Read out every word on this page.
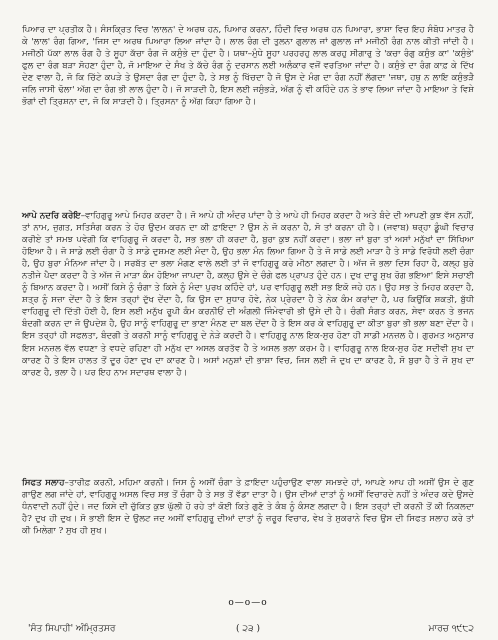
ਪਿਆਰ ਦਾ ਪ੍ਰਤੀਕ ਹੈ। ਸੰਸਕ੍ਰਿਤ ਵਿਚ 'ਲਾਲਨ' ਦੇ ਅਰਥ ਹਨ, ਪਿਆਰ ਕਰਨਾ, ਹਿੰਦੀ ਵਿਚ ਅਰਥ ਹਨ ਪਿਆਰਾ, ਭਾਸ਼ਾ ਵਿਚ ਇਹ ਸੰਬੋਧ ਮਾਤਰ ਹੈ ਕੇ 'ਲਾਲ' ਰੰਗ ਗਿਆ, 'ਜਿਸ ਦਾ ਅਰਥ ਪਿਆਰਾ ਲਿਆ ਜਾਂਦਾ ਹੈ। ਲਾਲ ਰੰਗ ਦੀ ਤੁਲਨਾ ਗੁਲਾਲ ਜਾਂ ਗੁਲਾਲ ਜਾਂ ਮਜੀਠੀ ਰੰਗ ਨਾਲ ਕੀਤੀ ਜਾਂਦੀ ਹੈ। ਮਜੀਠੀ ਪੱਕਾ ਲਾਲ ਰੰਗ ਹੈ ਤੇ ਸੂਹਾ ਕੱਚਾ ਰੰਗ ਜੋ ਕਸੁੰਭੇ ਦਾ ਹੁੰਦਾ ਹੈ। ਯਥਾ–ਮੁੰਧੇ ਸੂਹਾ ਪਰਹਰਹੁ ਲਾਲ ਕਰਹੁ ਸੀਗਾਰੁ ਤੇ 'ਕਚਾ ਰੰਗੁ ਕਸੁੰਭ ਕਾ' 'ਕਸੁੰਭੇ' ਫੁਲ ਦਾ ਰੰਗ ਬੜਾ ਸੋਹਣਾ ਹੁੰਦਾ ਹੈ, ਜੋ ਮਾਇਆ ਦੇ ਸੰਖ ਤੇ ਕੱਚੇ ਰੰਗ ਨੂੰ ਦਰਸਾਨ ਲਈ ਅਲੰਕਾਰ ਵਜੋਂ ਵਰਤਿਆ ਜਾਂਦਾ ਹੈ। ਕਸੁੰਭੇ ਦਾ ਰੰਗ ਕਾਫ਼ ਕੇ ਦਿੱਖ ਦੇਣ ਵਾਲਾ ਹੈ, ਜੋ ਕਿ ਚਿੱਟੇ ਕਪੜੇ ਤੇ ਉਸਦਾ ਰੰਗ ਦਾ ਹੁੰਦਾ ਹੈ, ਤੇ ਸਭ ਨੂੰ ਖਿੱਚਦਾ ਹੈ ਜੋ ਉਸ ਦੇ ਮੰਗ ਦਾ ਰੰਗ ਨਹੀਂ ਲੱਗਦਾ 'ਜਥਾ, ਹਥੁ ਨ ਲਾਇ ਕਸੁੰਭੜੈ ਜਲਿ ਜਾਸੀ ਢੋਲਾ' ਅੱਗ ਦਾ ਰੰਗ ਭੀ ਲਾਲ ਹੁੰਦਾ ਹੈ। ਜੋ ਸਾੜਦੀ ਹੈ, ਇਸ ਲਈ ਜਸੁੰਭੜੇ, ਅੱਗ ਨੂੰ ਵੀ ਕਹਿੰਦੇ ਹਨ ਤੇ ਭਾਵ ਲਿਆ ਜਾਂਦਾ ਹੈ ਮਾਇਆ ਤੇ ਵਿਸ਼ੇ ਭੋਗਾਂ ਦੀ ਤ੍ਰਿਸ਼ਨਾ ਦਾ, ਜੋ ਕਿ ਸਾੜਦੀ ਹੈ। ਤ੍ਰਿਸਨਾ ਨੂੰ ਅੱਗ ਕਿਹਾ ਗਿਆ ਹੈ।

ਆਪੇ ਨਦਰਿ ਕਰੇਇ–ਵਾਹਿਗੁਰੂ ਆਪੇ ਮਿਹਰ ਕਰਦਾ ਹੈ। ਜੋ ਆਪੇ ਹੀ ਅੰਦਰ ਪਾਂਦਾ ਹੈ ਤੇ ਆਪੇ ਹੀ ਮਿਹਰ ਕਰਦਾ ਹੈ ਅਤੇ ਬੰਦੇ ਦੀ ਆਪਣੀ ਕੁਝ ਵੱਸ ਨਹੀਂ, ਤਾਂ ਨਾਮ, ਜੁਗਤ, ਸਤਿਸੰਗ ਕਰਨ ਤੇ ਹੋਰ ਉਦਮ ਕਰਨ ਦਾ ਕੀ ਫ਼ਾਇਦਾ ? ਉਸ ਨੇ ਜੋ ਕਰਨਾ ਹੈ, ਸੋ ਤਾਂ ਕਰਨਾ ਹੀ ਹੈ। (ਜਵਾਬ) ਥਰ੍ਹਾ ਡੂੰਘੀ ਵਿਚਾਰ ਕਰੀਏ ਤਾਂ ਸਮਝ ਪਵੇਗੀ ਕਿ ਵਾਹਿਗੁਰੂ ਜੋ ਕਰਦਾ ਹੈ, ਸਭ ਭਲਾ ਹੀ ਕਰਦਾ ਹੈ, ਬੁਰਾ ਕੁਝ ਨਹੀਂ ਕਰਦਾ। ਭਲਾ ਜਾਂ ਬੁਰਾ ਤਾਂ ਅਸਾਂ ਮਨੁੱਖਾਂ ਦਾ ਸਿੱਖਿਆ ਹੋਇਆ ਹੈ। ਜੋ ਸਾਡੇ ਲਈ ਚੰਗਾ ਹੈ ਤੇ ਸਾਡੇ ਦੁਸ਼ਮਣ ਲਈ ਮੰਦਾ ਹੈ, ਉਹ ਭਲਾ ਮੰਨ ਲਿਆ ਗਿਆ ਹੈ ਤੇ ਜੋ ਸਾਡੇ ਲਈ ਮਾੜਾ ਹੈ ਤੇ ਸਾਡੇ ਵਿਰੋਧੀ ਲਈ ਚੰਗਾ ਹੈ, ਉਹ ਬੁਰਾ ਮੰਨਿਆ ਜਾਂਦਾ ਹੈ। ਸਰਬੱਤ ਦਾ ਭਲਾ ਮੰਗਣ ਵਾਲੇ ਲਈ ਤਾਂ ਜੋ ਵਾਹਿਗੁਰੂ ਕਰੇ ਮੀਠਾ ਲਗਦਾ ਹੈ। ਅੱਜ ਜੋ ਭਲਾ ਦਿਸ ਰਿਹਾ ਹੈ, ਕਲ੍ਹ ਬੁਰੇ ਨਤੀਜੇ ਪੈਦਾ ਕਰਦਾ ਹੈ ਤੇ ਅੱਜ ਜੋ ਮਾੜਾ ਕੰਮ ਹੋਇਆ ਜਾਪਦਾ ਹੈ, ਕਲ੍ਹ ਉਸੇ ਦੇ ਚੰਗੇ ਫਲ ਪ੍ਰਾਪਤ ਹੁੰਦੇ ਹਨ। ਦੁਖ ਦਾਰੂ ਸੁਖ ਰੋਗ ਭਇਆ' ਇਸੇ ਸਚਾਈ ਨੂੰ ਬਿਆਨ ਕਰਦਾ ਹੈ। ਅਸੀਂ ਕਿਸੇ ਨੂੰ ਚੰਗਾ ਤੇ ਕਿਸੇ ਨੂੰ ਮੰਦਾ ਪੁਰਖ ਕਹਿੰਦੇ ਹਾਂ, ਪਰ ਵਾਹਿਗੁਰੂ ਲਈ ਸਭ ਇਕੋ ਜਹੇ ਹਨ। ਉਹ ਸਭ ਤੇ ਮਿਹਰ ਕਰਦਾ ਹੈ, ਸ਼ਤ੍ਰ ਨੂੰ ਸਜ਼ਾ ਦੇਂਦਾ ਹੈ ਤੇ ਇਸ ਤਰ੍ਹਾਂ ਦੁੱਖ ਦੇਂਦਾ ਹੈ, ਕਿ ਉਸ ਦਾ ਸੁਧਾਰ ਹੋਵੇ, ਨੇਕ ਪ੍ਰੇਰਦਾ ਹੈ ਤੇ ਨੇਕ ਕੰਮ ਕਰਾਂਦਾ ਹੈ, ਪਰ ਕਿਉਂਕਿ ਸ਼ਕਤੀ, ਬੁੱਧੀ ਵਾਹਿਗੁਰੂ ਦੀ ਦਿੱਤੀ ਹੋਈ ਹੈ, ਇਸ ਲਈ ਮਨੁੱਖ ਰੂਪੀ ਕੰਮ ਕਰਨੀਓਂ ਦੀ ਅੰਗਲੀ ਜਿੰਮੇਵਾਰੀ ਭੀ ਉਸੇ ਦੀ ਹੈ। ਚੰਗੀ ਸੰਗਤ ਕਰਨ, ਸੇਵਾ ਕਰਨ ਤੇ ਭਜਨ ਬੰਦਗੀ ਕਰਨ ਦਾ ਜੋ ਉਪਦੇਸ਼ ਹੈ, ਉਹ ਸਾਨੂੰ ਵਾਹਿਗੁਰੂ ਦਾ ਭਾਣਾ ਮੰਨਣ ਦਾ ਬਲ ਦੇਂਦਾ ਹੈ ਤੇ ਇਸ ਕਰ ਕੇ ਵਾਹਿਗੁਰੂ ਦਾ ਕੀਤਾ ਬੁਰਾ ਭੀ ਭਲਾ ਬਣਾ ਦੇਂਦਾ ਹੈ। ਇਸ ਤਰ੍ਹਾਂ ਹੀ ਸਫਲਤਾ, ਬੰਦਗੀ ਤੇ ਕਰਨੀ ਸਾਨੂੰ ਵਾਹਿਗੁਰੂ ਦੇ ਨੇੜੇ ਕਰਦੀ ਹੈ। ਵਾਹਿਗੁਰੂ ਨਾਲ ਇਕ-ਸੁਰ ਹੋਣਾ ਹੀ ਸਾਡੀ ਮਨਜ਼ਲ ਹੈ। ਗੁਰਮਤ ਅਨੁਸਾਰ ਇਸ ਮਨਜ਼ਲ ਵੱਲ ਵਧਣਾ ਤੇ ਵਧਦੇ ਰਹਿਣਾ ਹੀ ਮਨੁੱਖ ਦਾ ਅਸਲ ਕਰਤੱਵ ਹੈ ਤੇ ਅਸਲ ਭਲਾ ਕਰਮ ਹੈ। ਵਾਹਿਗੁਰੂ ਨਾਲ ਇਕ-ਸੁਰ ਹੋਣ ਸਦੀਵੀ ਸੁਖ ਦਾ ਕਾਰਣ ਹੈ ਤੇ ਇਸ ਹਾਲਤ ਤੋਂ ਦੂਰ ਹੋਣਾ ਦੁਖ ਦਾ ਕਾਰਣ ਹੈ। ਅਸਾਂ ਮਨੁਸ਼ਾਂ ਦੀ ਭਾਸ਼ਾ ਵਿਚ, ਜਿਸ ਲਈ ਜੋ ਦੁਖ ਦਾ ਕਾਰਣ ਹੈ, ਸੋ ਬੁਰਾ ਹੈ ਤੇ ਜੋ ਸੁਖ ਦਾ ਕਾਰਣ ਹੈ, ਭਲਾ ਹੈ। ਪਰ ਇਹ ਨਾਮ ਸਦਾਰਥ ਵਾਲਾ ਹੈ।

ਸਿਫਤ ਸਲਾਹ–ਤਾਰੀਫ਼ ਕਰਨੀ, ਮਹਿਮਾ ਕਰਨੀ। ਜਿਸ ਨੂੰ ਅਸੀਂ ਚੰਗਾ ਤੇ ਫ਼ਾਇਦਾ ਪਹੁੰਚਾਉਣ ਵਾਲਾ ਸਮਝਦੇ ਹਾਂ, ਆਪਣੇ ਆਪ ਹੀ ਅਸੀਂ ਉਸ ਦੇ ਗੁਣ ਗਾਉਣ ਲਗ ਜਾਂਦੇ ਹਾਂ, ਵਾਹਿਗੁਰੂ ਅਸਲ ਵਿਚ ਸਭ ਤੋਂ ਚੰਗਾ ਹੈ ਤੇ ਸਭ ਤੋਂ ਵੱਡਾ ਦਾਤਾ ਹੈ। ਉਸ ਦੀਆਂ ਦਾਤਾਂ ਨੂੰ ਅਸੀਂ ਵਿਚਾਰਦੇ ਨਹੀਂ ਤੇ ਅੰਦਰ ਕਦੇ ਉਸਦੇ ਧੰਨਵਾਦੀ ਨਹੀਂ ਹੁੰਦੇ। ਜਦ ਕਿਸੇ ਦੀ ਚੁੱਕਿਤ ਕੁਝ ਘੁੱਲੀ ਹੋ ਰਹੇ ਤਾਂ ਕੋਈ ਕਿਤੇ ਗੁਣੋ ਤੇ ਕੰਬ ਨੂੰ ਕੰਸਣ ਲਗਦਾ ਹੈ। ਇਸ ਤਰ੍ਹਾਂ ਦੀ ਕਰਨੀ ਤੋਂ ਕੀ ਨਿਕਲਦਾ ਹੈ? ਦੁਖ ਹੀ ਦੁਖ। ਸੋ ਭਾਈ ਇਸ ਦੇ ਉਲਟ ਜਦ ਅਸੀਂ ਵਾਹਿਗੁਰੂ ਦੀਆਂ ਦਾਤਾਂ ਨੂੰ ਜ਼ਰੂਰ ਵਿਚਾਰ, ਵੇਖ ਤੇ ਸੁਕਰਾਨੇ ਵਿਚ ਉਸ ਦੀ ਸਿਫਤ ਸਲਾਹ ਕਰੇ ਤਾਂ ਕੀ ਮਿਲੇਗਾ ? ਸੁਖ ਹੀ ਸੁਖ।

o—o—o
'ਸੰਤ ਸਿਪਾਹੀ' ਅੰਮ੍ਰਿਤਸਰ	( ੨੩ )	ਮਾਰਚ ੧੯੮੨
